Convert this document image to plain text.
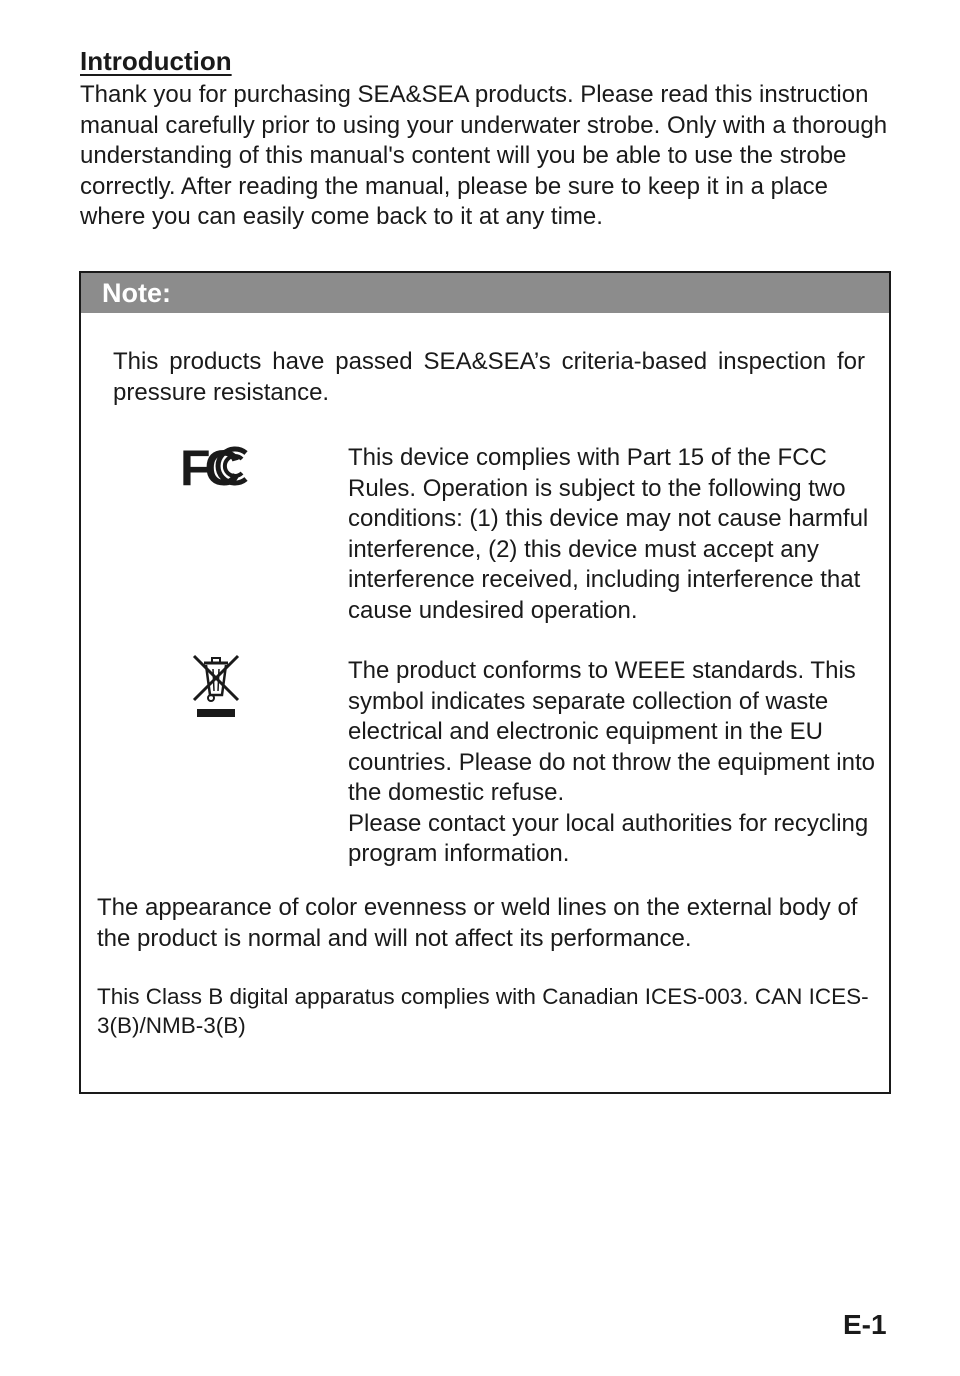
Introduction

Thank you for purchasing SEA&SEA products. Please read this instruction manual carefully prior to using your underwater strobe. Only with a thorough understanding of this manual's content will you be able to use the strobe correctly. After reading the manual, please be sure to keep it in a place where you can easily come back to it at any time.

Note:

This products have passed SEA&SEA’s criteria-based inspection for pressure resistance.

FC	This device complies with Part 15 of the FCC Rules. Operation is subject to the following two conditions: (1) this device may not cause harmful interference, (2) this device must accept any interference received, including interference that cause undesired operation.

The product conforms to WEEE standards. This symbol indicates separate collection of waste electrical and electronic equipment in the EU countries. Please do not throw the equipment into the domestic refuse.
Please contact your local authorities for recycling program information.

The appearance of color evenness or weld lines on the external body of the product is normal and will not affect its performance.

This Class B digital apparatus complies with Canadian ICES-003. CAN ICES-3(B)/NMB-3(B)

E-1
